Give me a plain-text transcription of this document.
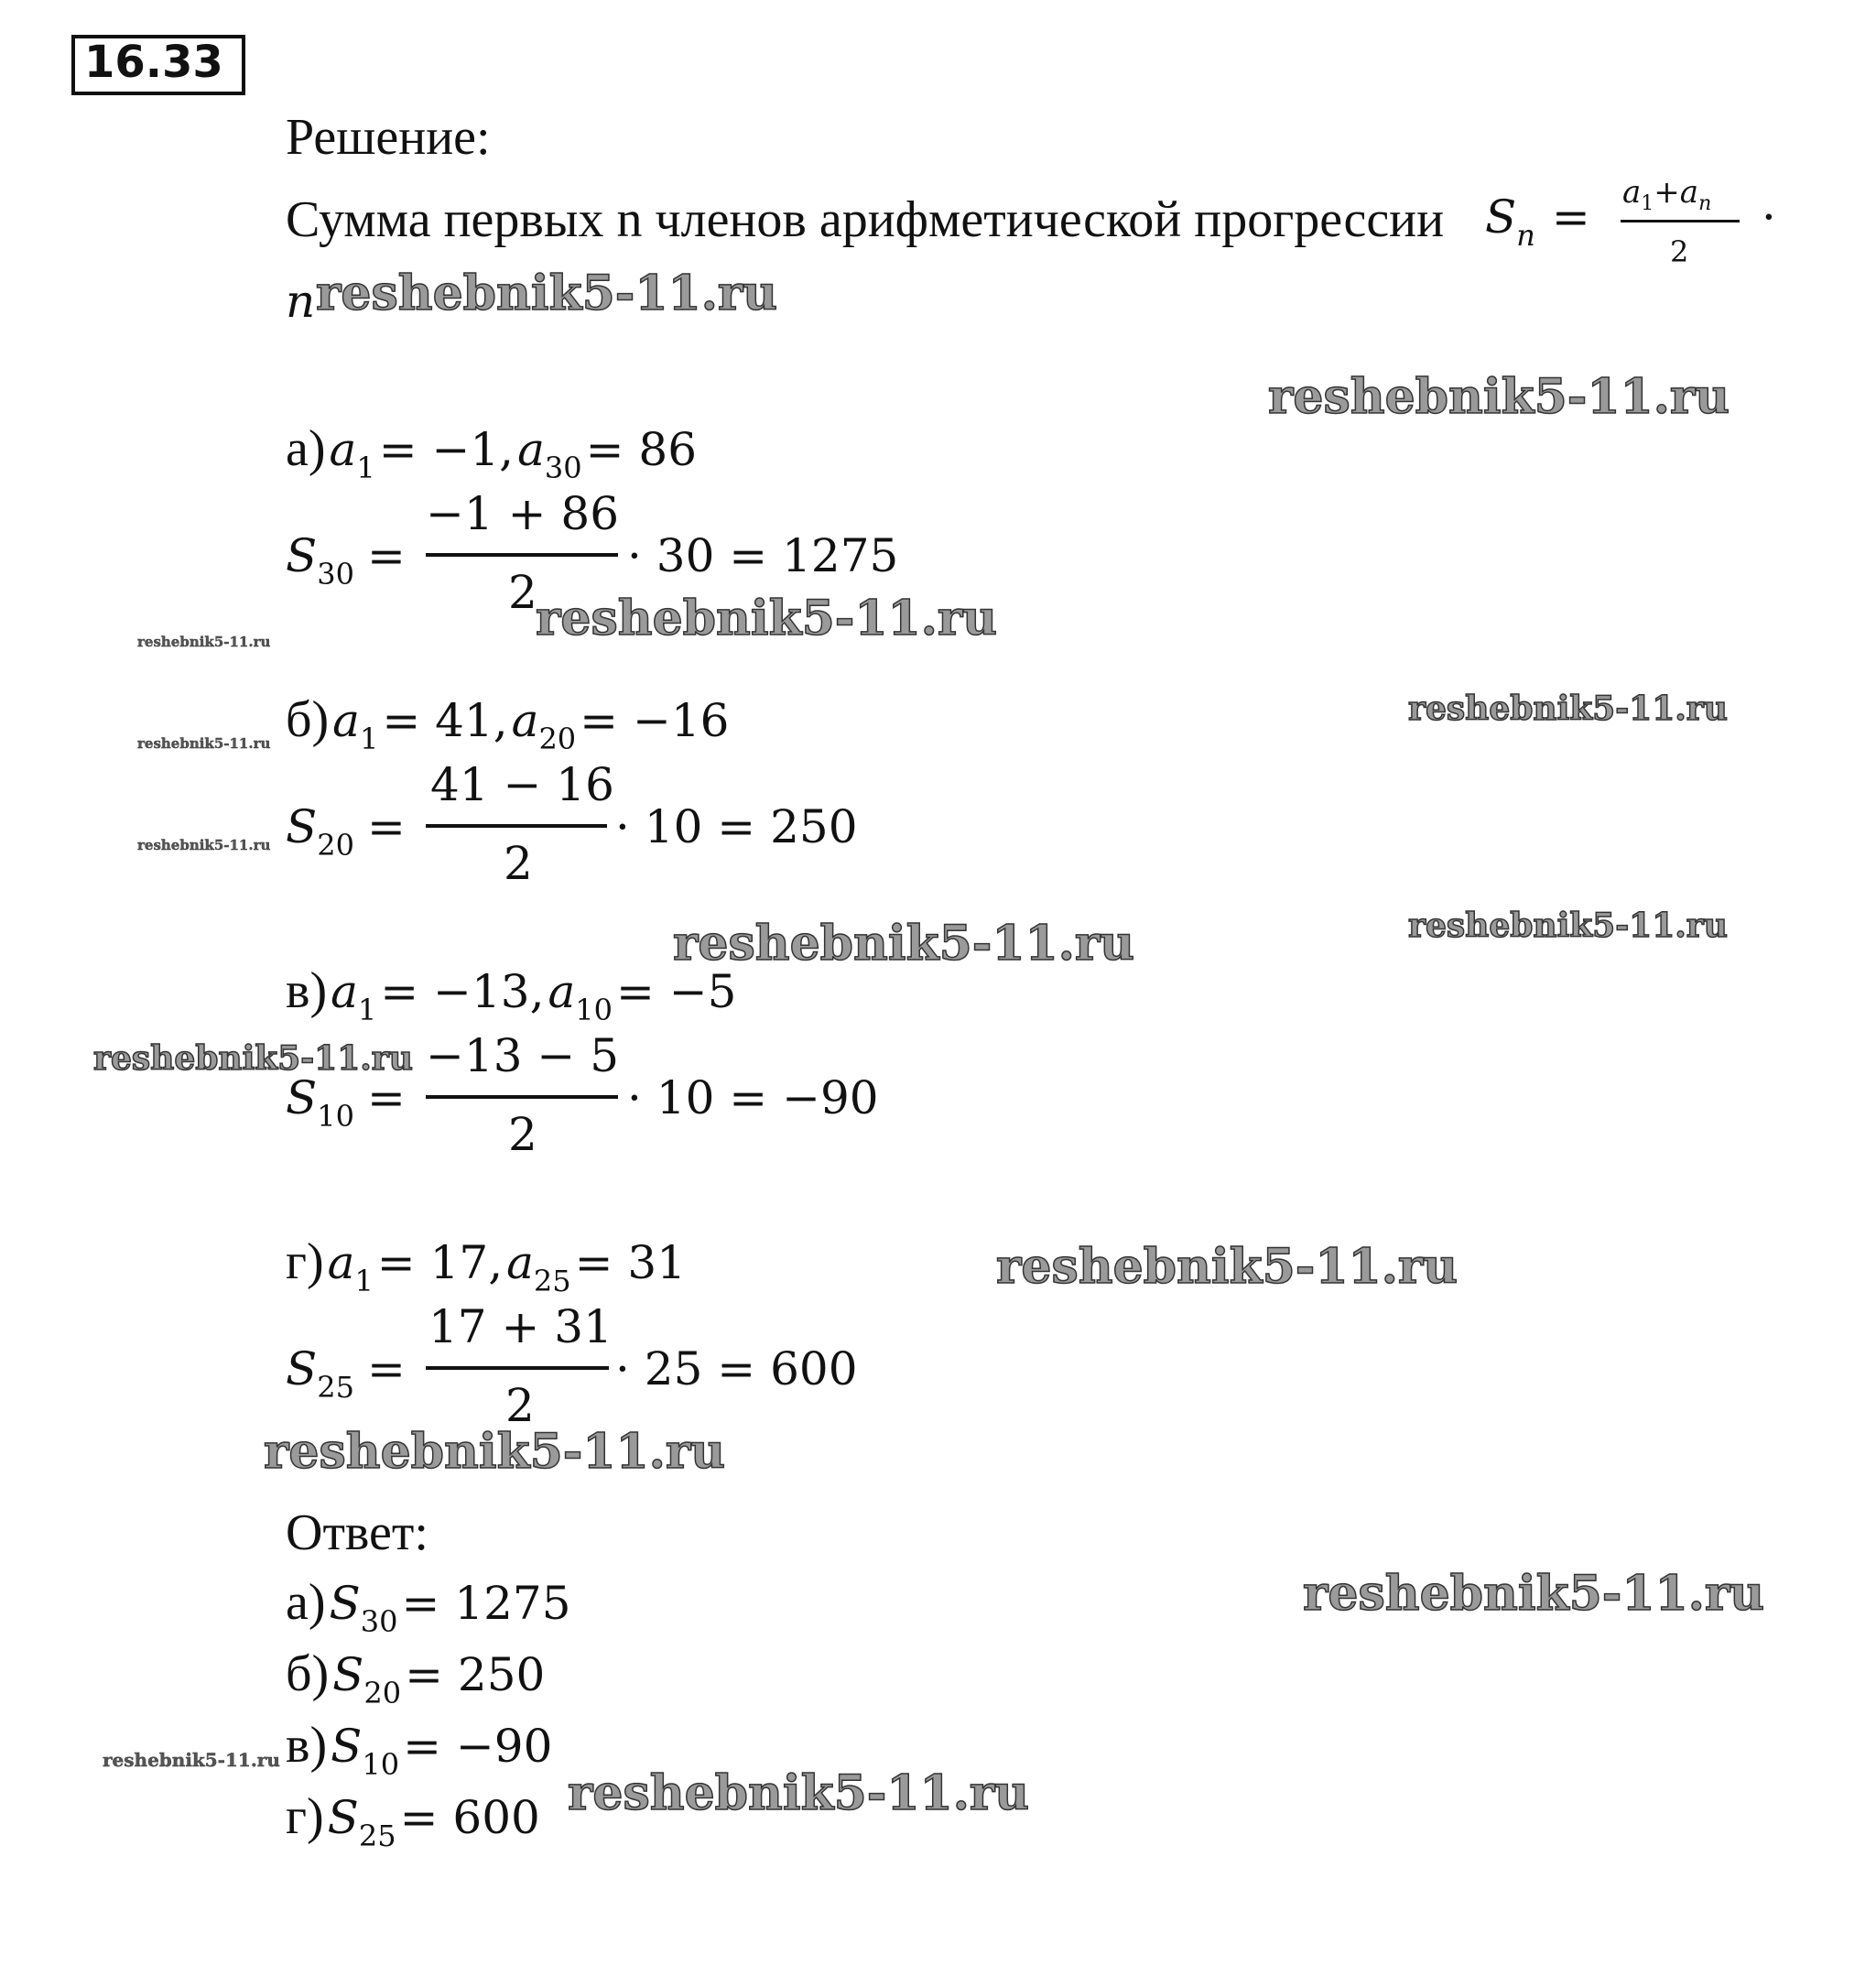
16.33
Решение:
Сумма первых n членов арифметической прогрессии $Sn = a_1+a_n$
2
·
n
а) a1 = −1, a30 = 86
S30 =
−1 + 86
2
· 30 = 1275
б) a1 = 41, a20 = −16
S20 =
41 − 16
2
· 10 = 250
в) a1 = −13, a10 = −5
S10 =
−13 − 5
2
· 10 = −90
г) a1 = 17, a25 = 31
S25 =
17 + 31
2
· 25 = 600
Ответ:
а) S30 = 1275
б) S20 = 250
в) S10 = −90
г) S25 = 600
reshebnik5-11.ru
reshebnik5-11.ru
reshebnik5-11.ru
reshebnik5-11.ru
reshebnik5-11.ru
reshebnik5-11.ru
reshebnik5-11.ru
reshebnik5-11.ru	reshebnik5-11.ru
reshebnik5-11.ru
reshebnik5-11.ru
reshebnik5-11.ru
reshebnik5-11.ru
reshebnik5-11.ru
reshebnik5-11.ru
